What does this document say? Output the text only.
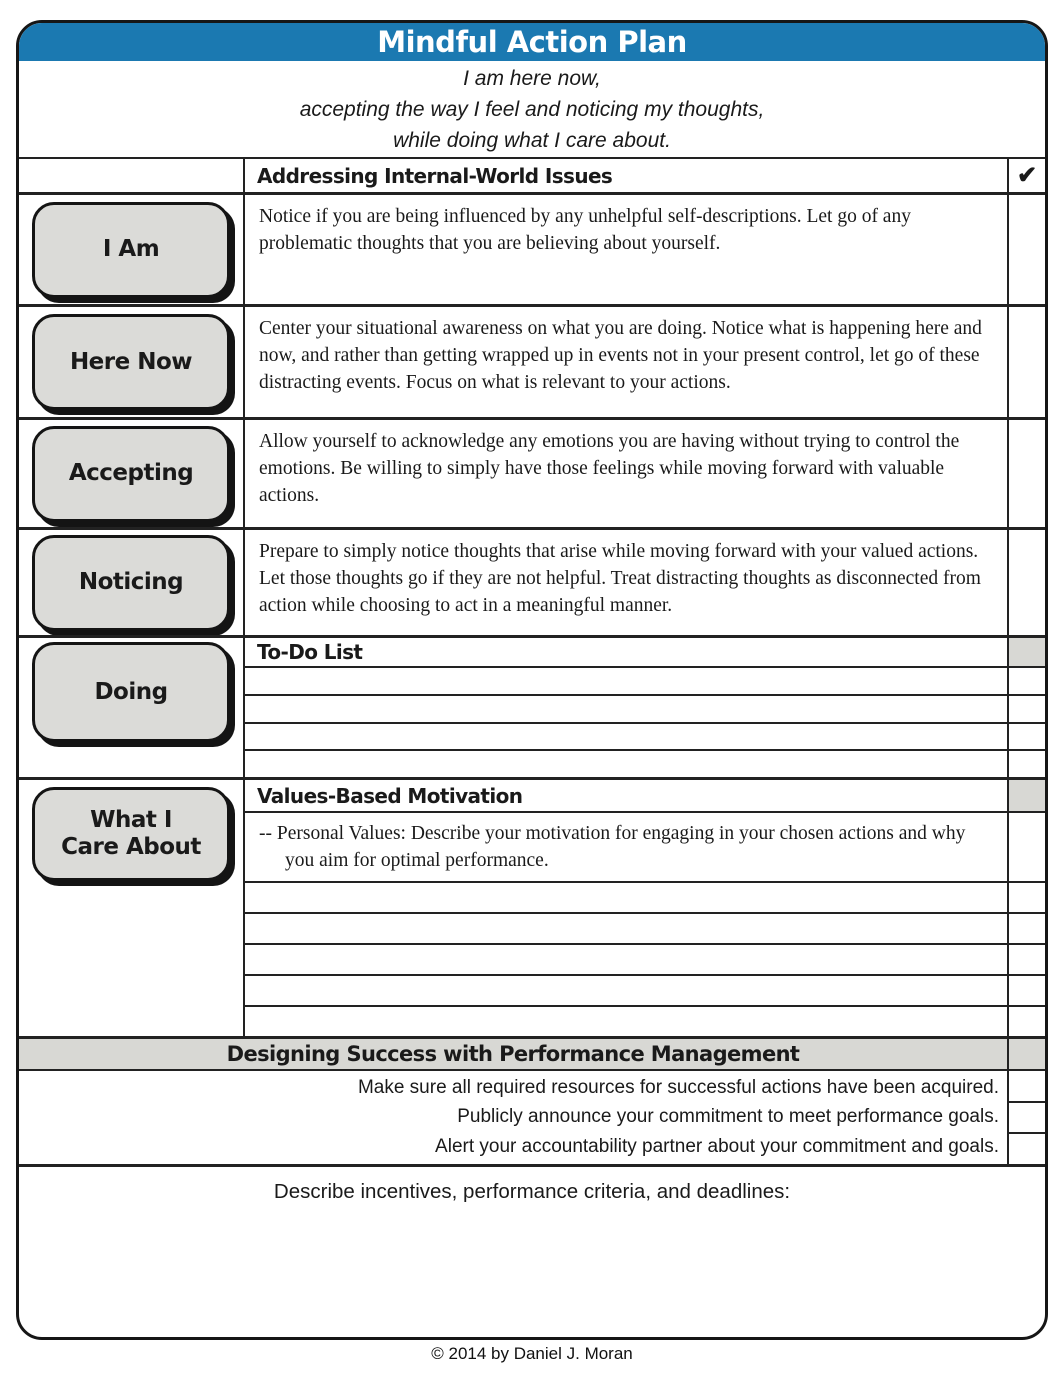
Mindful Action Plan
I am here now,
accepting the way I feel and noticing my thoughts,
while doing what I care about.
Addressing Internal-World Issues	✔
I Am
Notice if you are being influenced by any unhelpful self-descriptions. Let go of any problematic thoughts that you are believing about yourself.
Here Now
Center your situational awareness on what you are doing. Notice what is happening here and now, and rather than getting wrapped up in events not in your present control, let go of these distracting events. Focus on what is relevant to your actions.
Accepting
Allow yourself to acknowledge any emotions you are having without trying to control the emotions. Be willing to simply have those feelings while moving forward with valuable actions.
Noticing
Prepare to simply notice thoughts that arise while moving forward with your valued actions. Let those thoughts go if they are not helpful. Treat distracting thoughts as disconnected from action while choosing to act in a meaningful manner.
Doing
To-Do List
What I
Care About
Values-Based Motivation
-- Personal Values: Describe your motivation for engaging in your chosen actions and why you aim for optimal performance.
Designing Success with Performance Management
Make sure all required resources for successful actions have been acquired.
Publicly announce your commitment to meet performance goals.
Alert your accountability partner about your commitment and goals.
Describe incentives, performance criteria, and deadlines:
© 2014 by Daniel J. Moran
